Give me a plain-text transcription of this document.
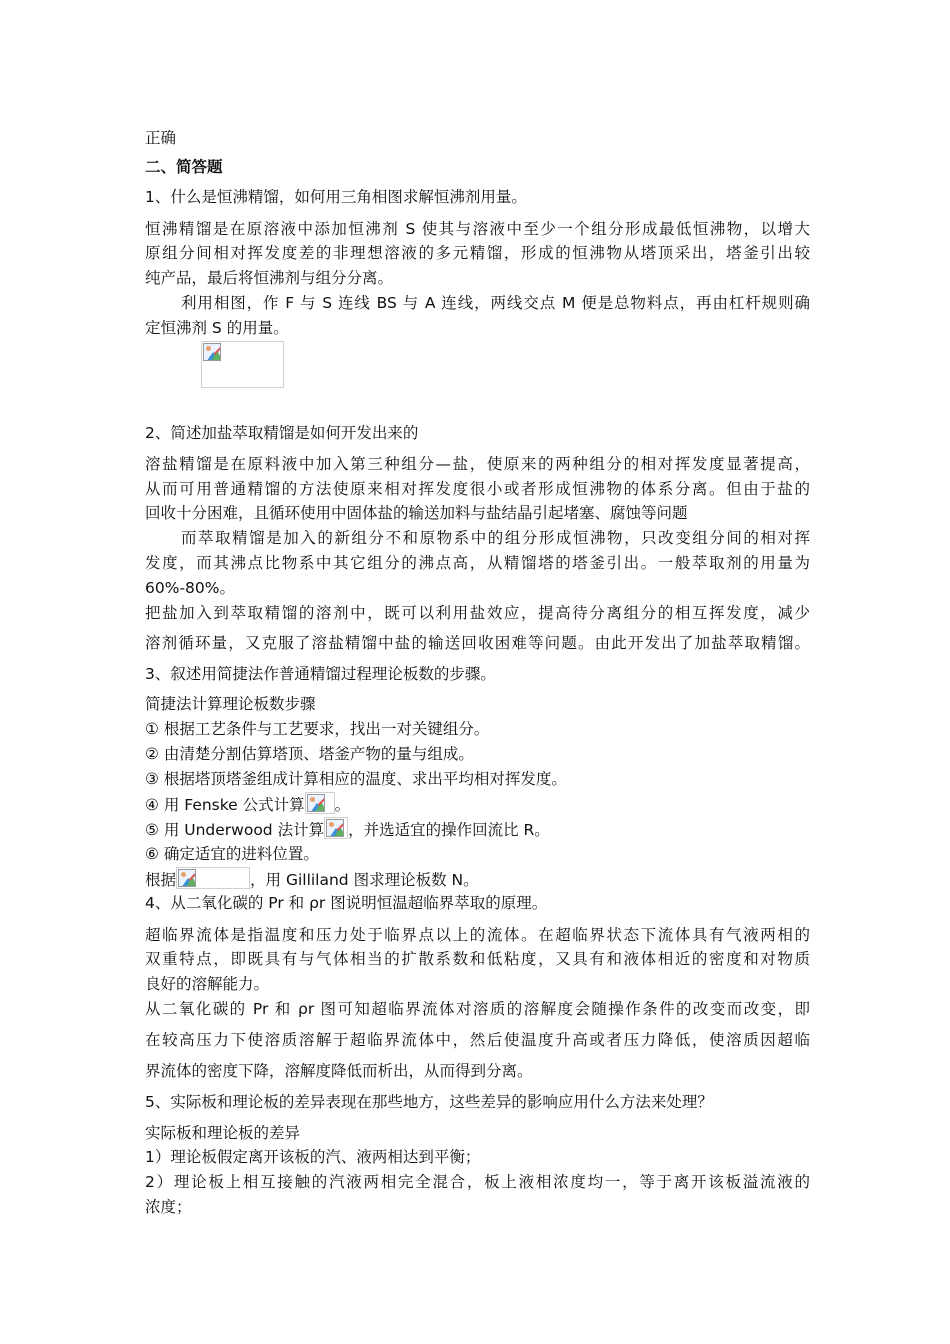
正确
二、简答题
1、什么是恒沸精馏，如何用三角相图求解恒沸剂用量。
恒沸精馏是在原溶液中添加恒沸剂 S 使其与溶液中至少一个组分形成最低恒沸物，以增大
原组分间相对挥发度差的非理想溶液的多元精馏，形成的恒沸物从塔顶采出，塔釜引出较
纯产品，最后将恒沸剂与组分分离。
利用相图，作 F 与 S 连线 BS 与 A 连线，两线交点 M 便是总物料点，再由杠杆规则确
定恒沸剂 S 的用量。
2、简述加盐萃取精馏是如何开发出来的
溶盐精馏是在原料液中加入第三种组分—盐，使原来的两种组分的相对挥发度显著提高，
从而可用普通精馏的方法使原来相对挥发度很小或者形成恒沸物的体系分离。但由于盐的
回收十分困难，且循环使用中固体盐的输送加料与盐结晶引起堵塞、腐蚀等问题
而萃取精馏是加入的新组分不和原物系中的组分形成恒沸物，只改变组分间的相对挥
发度，而其沸点比物系中其它组分的沸点高，从精馏塔的塔釜引出。一般萃取剂的用量为
60%-80%。
把盐加入到萃取精馏的溶剂中，既可以利用盐效应，提高待分离组分的相互挥发度，减少
溶剂循环量，又克服了溶盐精馏中盐的输送回收困难等问题。由此开发出了加盐萃取精馏。
3、叙述用简捷法作普通精馏过程理论板数的步骤。
简捷法计算理论板数步骤
① 根据工艺条件与工艺要求，找出一对关键组分。
② 由清楚分割估算塔顶、塔釜产物的量与组成。
③ 根据塔顶塔釜组成计算相应的温度、求出平均相对挥发度。
④ 用 Fenske 公式计算 。
⑤ 用 Underwood 法计算 ，并选适宜的操作回流比 R。
⑥ 确定适宜的进料位置。
根据	，用 Gilliland 图求理论板数 N。
4、从二氧化碳的 Pr 和 ρr 图说明恒温超临界萃取的原理。
超临界流体是指温度和压力处于临界点以上的流体。在超临界状态下流体具有气液两相的
双重特点，即既具有与气体相当的扩散系数和低粘度，又具有和液体相近的密度和对物质
良好的溶解能力。
从二氧化碳的 Pr 和 ρr 图可知超临界流体对溶质的溶解度会随操作条件的改变而改变，即
在较高压力下使溶质溶解于超临界流体中，然后使温度升高或者压力降低，使溶质因超临
界流体的密度下降，溶解度降低而析出，从而得到分离。
5、实际板和理论板的差异表现在那些地方，这些差异的影响应用什么方法来处理？
实际板和理论板的差异
1）理论板假定离开该板的汽、液两相达到平衡；
2）理论板上相互接触的汽液两相完全混合，板上液相浓度均一，等于离开该板溢流液的
浓度；
